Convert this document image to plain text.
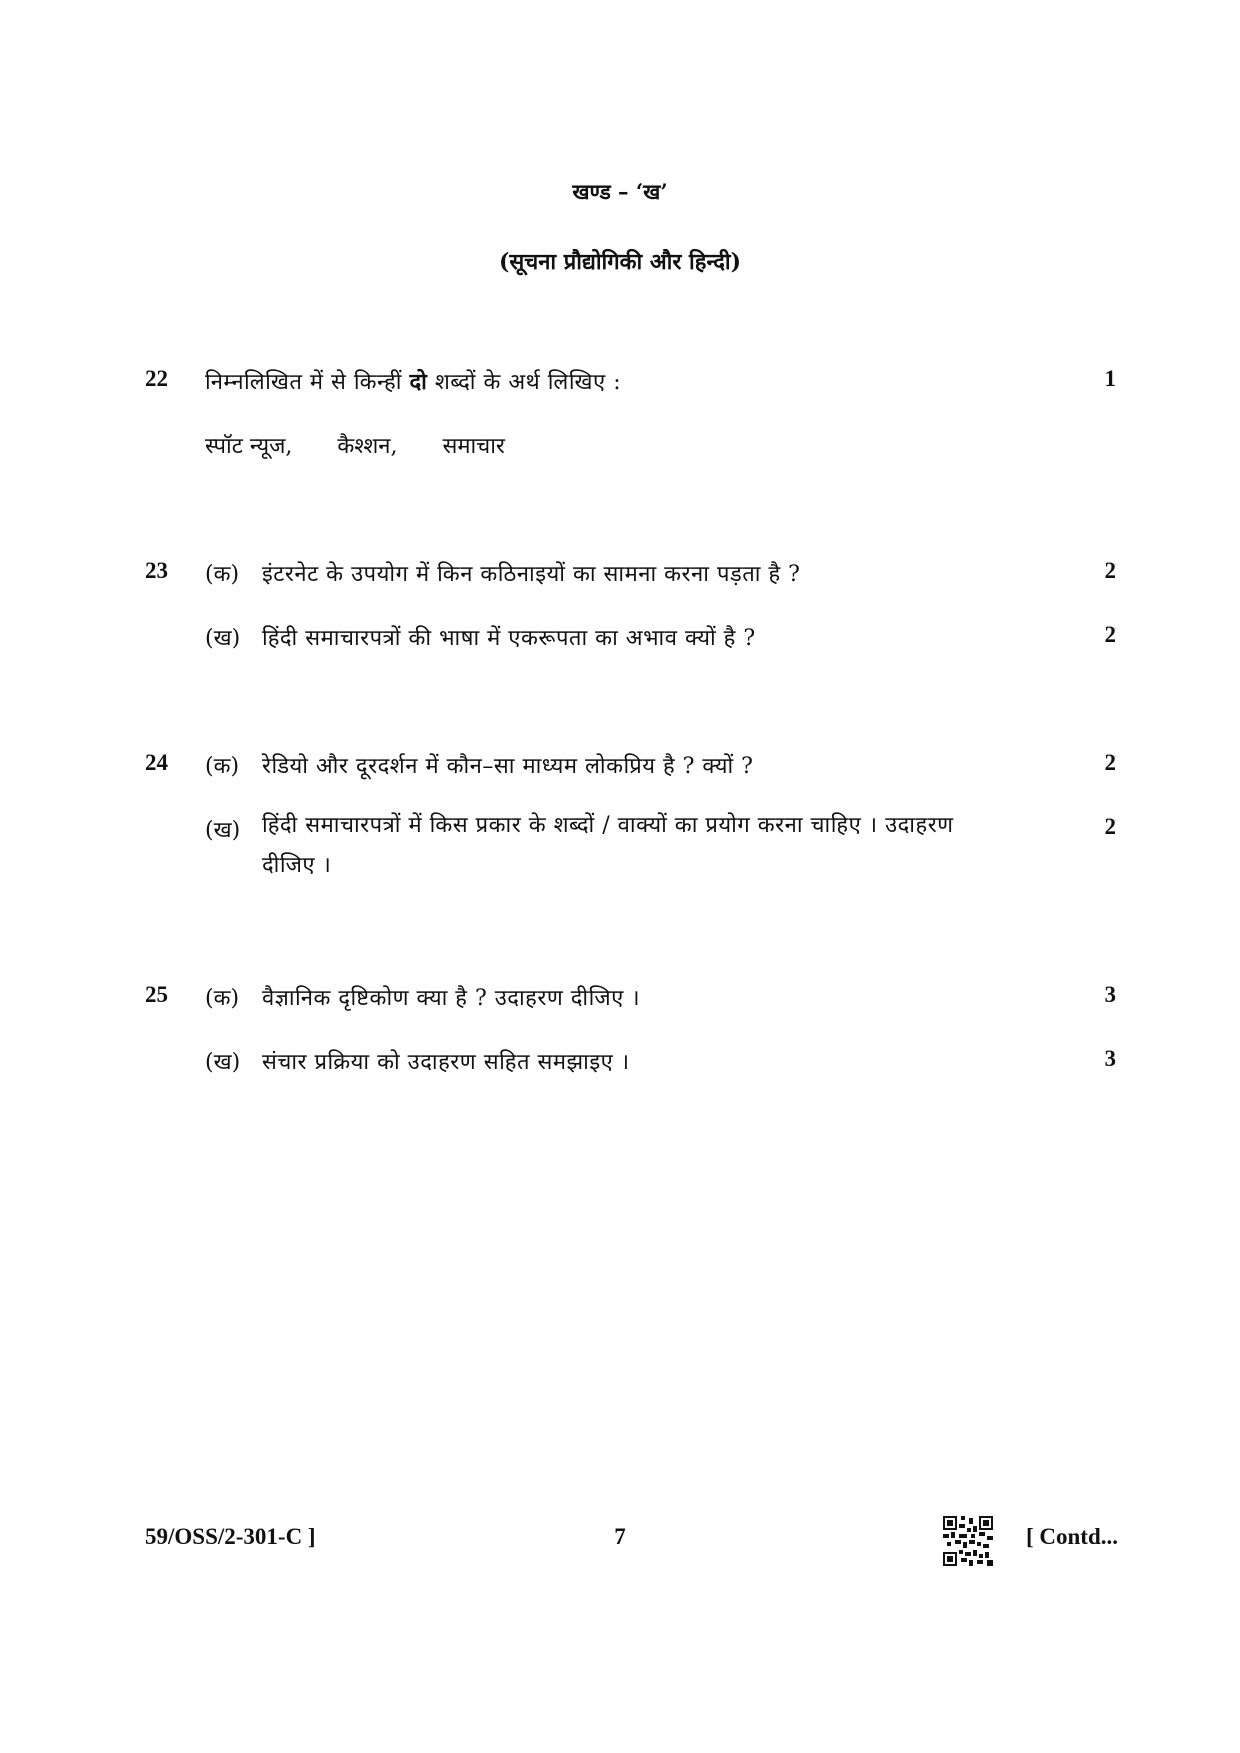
खण्ड – ‘ख’
(सूचना प्रौद्योगिकी और हिन्दी)
22 निम्नलिखित में से किन्हीं दो शब्दों के अर्थ लिखिए :	1
स्पॉट न्यूज, कैश्शन, समाचार
23 (क) इंटरनेट के उपयोग में किन कठिनाइयों का सामना करना पड़ता है ?	2
(ख) हिंदी समाचारपत्रों की भाषा में एकरूपता का अभाव क्यों है ?	2
24 (क) रेडियो और दूरदर्शन में कौन–सा माध्यम लोकप्रिय है ? क्यों ?	2
(ख) हिंदी समाचारपत्रों में किस प्रकार के शब्दों / वाक्यों का प्रयोग करना चाहिए । उदाहरण दीजिए ।
2
25 (क) वैज्ञानिक दृष्टिकोण क्या है ? उदाहरण दीजिए ।	3
(ख) संचार प्रक्रिया को उदाहरण सहित समझाइए ।	3
59/OSS/2-301-C ]	7	[ Contd...
